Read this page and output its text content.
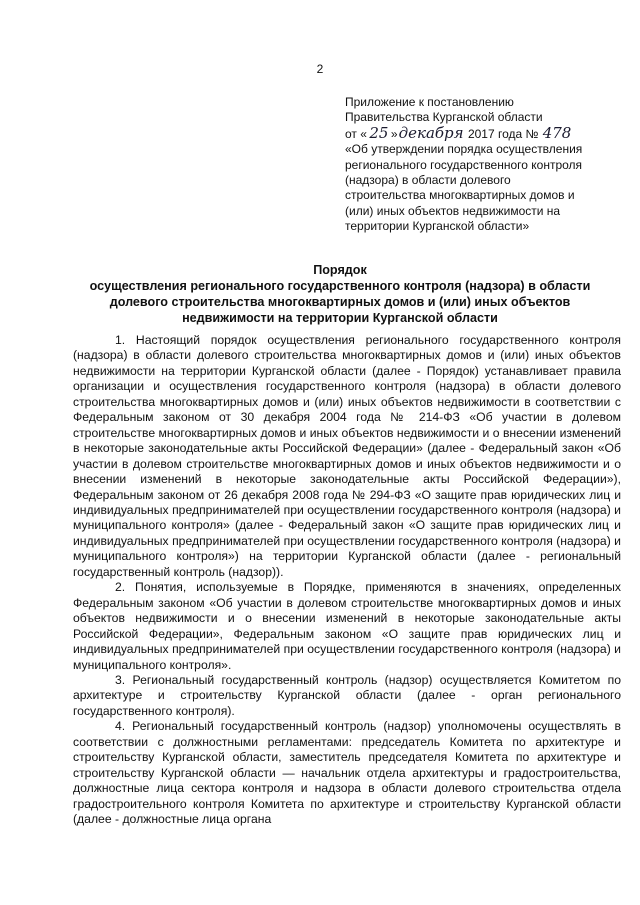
2
Приложение к постановлению
Правительства Курганской области
от « 25 »декабря 2017 года № 478
«Об утверждении порядка осуществления
регионального государственного контроля
(надзора) в области долевого
строительства многоквартирных домов и
(или) иных объектов недвижимости на
территории Курганской области»
Порядок
осуществления регионального государственного контроля (надзора) в области
долевого строительства многоквартирных домов и (или) иных объектов
недвижимости на территории Курганской области

1. Настоящий порядок осуществления регионального государственного контроля (надзора) в области долевого строительства многоквартирных домов и (или) иных объектов недвижимости на территории Курганской области (далее - Порядок) устанавливает правила организации и осуществления государственного контроля (надзора) в области долевого строительства многоквартирных домов и (или) иных объектов недвижимости в соответствии с Федеральным законом от 30 декабря 2004 года № 214-ФЗ «Об участии в долевом строительстве многоквартирных домов и иных объектов недвижимости и о внесении изменений в некоторые законодательные акты Российской Федерации» (далее - Федеральный закон «Об участии в долевом строительстве многоквартирных домов и иных объектов недвижимости и о внесении изменений в некоторые законодательные акты Российской Федерации»), Федеральным законом от 26 декабря 2008 года № 294-ФЗ «О защите прав юридических лиц и индивидуальных предпринимателей при осуществлении государственного контроля (надзора) и муниципального контроля» (далее - Федеральный закон «О защите прав юридических лиц и индивидуальных предпринимателей при осуществлении государственного контроля (надзора) и муниципального контроля») на территории Курганской области (далее - региональный государственный контроль (надзор)).

2. Понятия, используемые в Порядке, применяются в значениях, определенных Федеральным законом «Об участии в долевом строительстве многоквартирных домов и иных объектов недвижимости и о внесении изменений в некоторые законодательные акты Российской Федерации», Федеральным законом «О защите прав юридических лиц и индивидуальных предпринимателей при осуществлении государственного контроля (надзора) и муниципального контроля».

3. Региональный государственный контроль (надзор) осуществляется Комитетом по архитектуре и строительству Курганской области (далее - орган регионального государственного контроля).

4. Региональный государственный контроль (надзор) уполномочены осуществлять в соответствии с должностными регламентами: председатель Комитета по архитектуре и строительству Курганской области, заместитель председателя Комитета по архитектуре и строительству Курганской области — начальник отдела архитектуры и градостроительства, должностные лица сектора контроля и надзора в области долевого строительства отдела градостроительного контроля Комитета по архитектуре и строительству Курганской области (далее - должностные лица органа
